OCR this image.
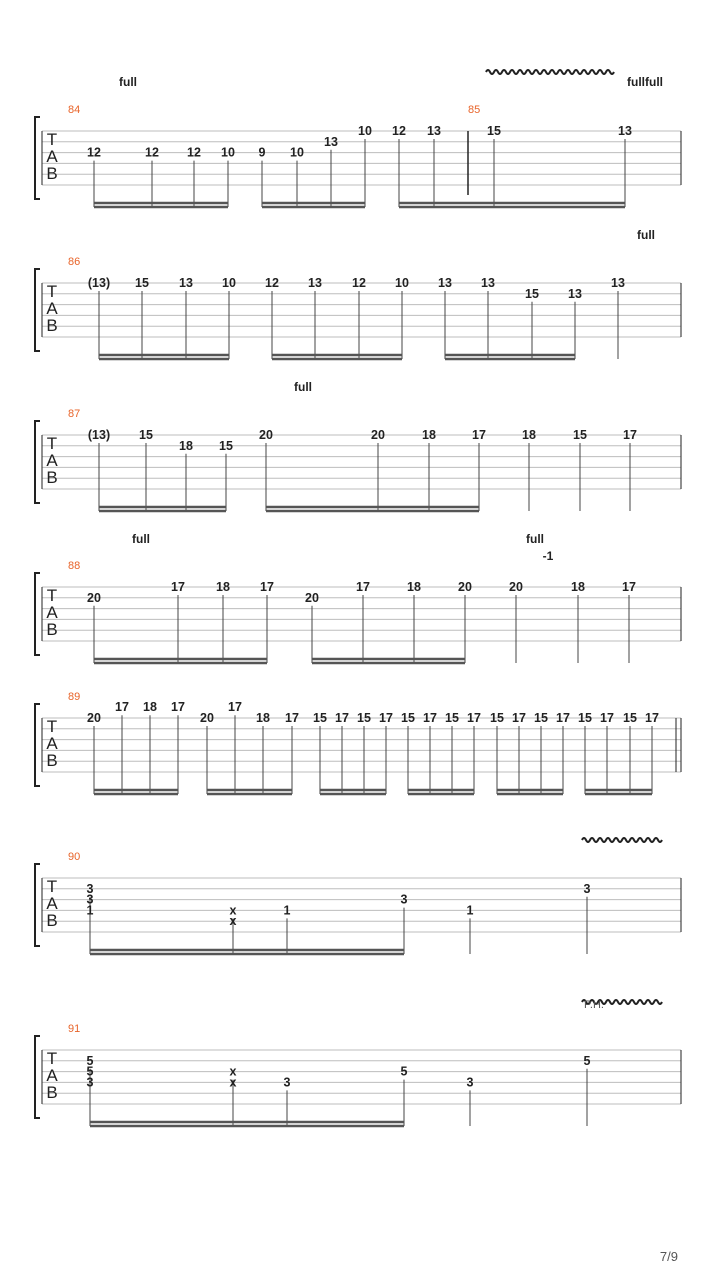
T
A
B
84	85
12	12 12 10 9 10
13
10 12 13	15	13
full	fullfull
T
A
B
86
(13) 15 13 10 12 13 12 10 13 13
15 13
13
full
T
A
B
87
(13) 15
18 15
20	20	18	17	18	15	17
full
T
A
B
88
20
17 18 17
20
17	18	20	20	18	17
full	full
-1
T
A
B
89
20
17 18 17
20
17
18 17 15 17 15 17 15 17 15 17 15 17 15 17 15 17 15 17
T
A
B
90
3
3
1	x
x
1
3
1
3
T
A
B
91
5
5
3
x
x	3
5
3
5
P.H.
7/9
